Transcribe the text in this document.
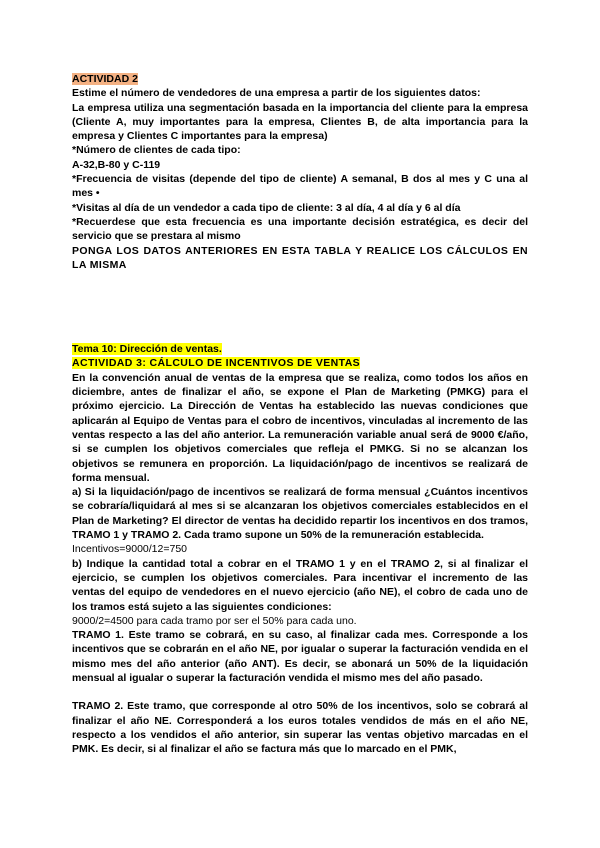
ACTIVIDAD 2

Estime el número de vendedores de una empresa a partir de los siguientes datos:

La empresa utiliza una segmentación basada en la importancia del cliente para la empresa (Cliente A, muy importantes para la empresa, Clientes B, de alta importancia para la empresa y Clientes C importantes para la empresa)

*Número de clientes de cada tipo:

A-32,B-80 y C-119

*Frecuencia de visitas (depende del tipo de cliente) A semanal, B dos al mes y C una al mes •

*Visitas al día de un vendedor a cada tipo de cliente: 3 al día, 4 al día y 6 al día

*Recuerdese que esta frecuencia es una importante decisión estratégica, es decir del servicio que se prestara al mismo

PONGA LOS DATOS ANTERIORES EN ESTA TABLA Y REALICE LOS CÁLCULOS EN LA MISMA

Tema 10: Dirección de ventas.

ACTIVIDAD 3: CÁLCULO DE INCENTIVOS DE VENTAS

En la convención anual de ventas de la empresa que se realiza, como todos los años en diciembre, antes de finalizar el año, se expone el Plan de Marketing (PMKG) para el próximo ejercicio. La Dirección de Ventas ha establecido las nuevas condiciones que aplicarán al Equipo de Ventas para el cobro de incentivos, vinculadas al incremento de las ventas respecto a las del año anterior. La remuneración variable anual será de 9000 €/año, si se cumplen los objetivos comerciales que refleja el PMKG. Si no se alcanzan los objetivos se remunera en proporción. La liquidación/pago de incentivos se realizará de forma mensual.

a) Si la liquidación/pago de incentivos se realizará de forma mensual ¿Cuántos incentivos se cobraría/liquidará al mes si se alcanzaran los objetivos comerciales establecidos en el Plan de Marketing? El director de ventas ha decidido repartir los incentivos en dos tramos, TRAMO 1 y TRAMO 2. Cada tramo supone un 50% de la remuneración establecida.

Incentivos=9000/12=750

b) Indique la cantidad total a cobrar en el TRAMO 1 y en el TRAMO 2, si al finalizar el ejercicio, se cumplen los objetivos comerciales. Para incentivar el incremento de las ventas del equipo de vendedores en el nuevo ejercicio (año NE), el cobro de cada uno de los tramos está sujeto a las siguientes condiciones:

9000/2=4500 para cada tramo por ser el 50% para cada uno.

TRAMO 1. Este tramo se cobrará, en su caso, al finalizar cada mes. Corresponde a los incentivos que se cobrarán en el año NE, por igualar o superar la facturación vendida en el mismo mes del año anterior (año ANT). Es decir, se abonará un 50% de la liquidación mensual al igualar o superar la facturación vendida el mismo mes del año pasado.

TRAMO 2. Este tramo, que corresponde al otro 50% de los incentivos, solo se cobrará al finalizar el año NE. Corresponderá a los euros totales vendidos de más en el año NE, respecto a los vendidos el año anterior, sin superar las ventas objetivo marcadas en el PMK. Es decir, si al finalizar el año se factura más que lo marcado en el PMK,
